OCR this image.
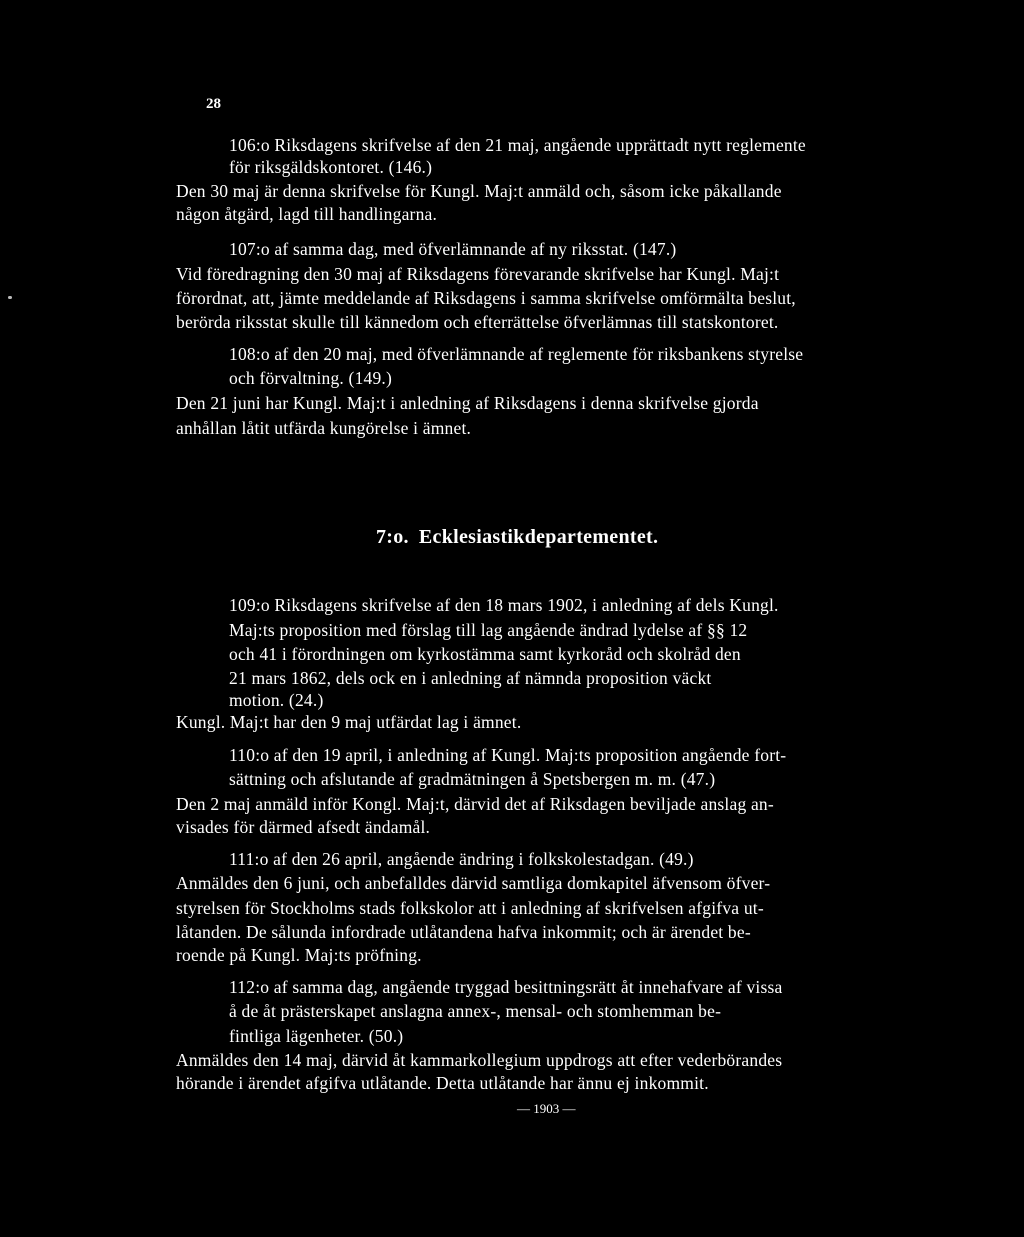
28
106:o Riksdagens skrifvelse af den 21 maj, angående upprättadt nytt reglemente
för riksgäldskontoret. (146.)
Den 30 maj är denna skrifvelse för Kungl. Maj:t anmäld och, såsom icke påkallande
någon åtgärd, lagd till handlingarna.
107:o af samma dag, med öfverlämnande af ny riksstat. (147.)
Vid föredragning den 30 maj af Riksdagens förevarande skrifvelse har Kungl. Maj:t
förordnat, att, jämte meddelande af Riksdagens i samma skrifvelse omförmälta beslut,
berörda riksstat skulle till kännedom och efterrättelse öfverlämnas till statskontoret.
108:o af den 20 maj, med öfverlämnande af reglemente för riksbankens styrelse
och förvaltning. (149.)
Den 21 juni har Kungl. Maj:t i anledning af Riksdagens i denna skrifvelse gjorda
anhållan låtit utfärda kungörelse i ämnet.
7:o. Ecklesiastikdepartementet.
109:o Riksdagens skrifvelse af den 18 mars 1902, i anledning af dels Kungl.
Maj:ts proposition med förslag till lag angående ändrad lydelse af §§ 12
och 41 i förordningen om kyrkostämma samt kyrkoråd och skolråd den
21 mars 1862, dels ock en i anledning af nämnda proposition väckt
motion. (24.)
Kungl. Maj:t har den 9 maj utfärdat lag i ämnet.
110:o af den 19 april, i anledning af Kungl. Maj:ts proposition angående fort-
sättning och afslutande af gradmätningen å Spetsbergen m. m. (47.)
Den 2 maj anmäld inför Kongl. Maj:t, därvid det af Riksdagen beviljade anslag an-
visades för därmed afsedt ändamål.
111:o af den 26 april, angående ändring i folkskolestadgan. (49.)
Anmäldes den 6 juni, och anbefalldes därvid samtliga domkapitel äfvensom öfver-
styrelsen för Stockholms stads folkskolor att i anledning af skrifvelsen afgifva ut-
låtanden. De sålunda infordrade utlåtandena hafva inkommit; och är ärendet be-
roende på Kungl. Maj:ts pröfning.
112:o af samma dag, angående tryggad besittningsrätt åt innehafvare af vissa
å de åt prästerskapet anslagna annex-, mensal- och stomhemman be-
fintliga lägenheter. (50.)
Anmäldes den 14 maj, därvid åt kammarkollegium uppdrogs att efter vederbörandes
hörande i ärendet afgifva utlåtande. Detta utlåtande har ännu ej inkommit.
— 1903 —
